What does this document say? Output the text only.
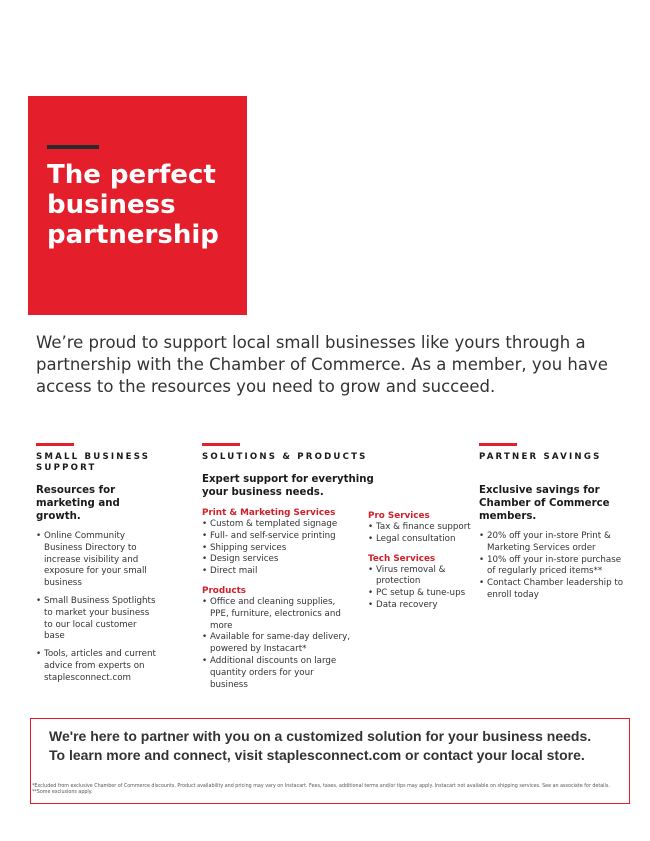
The perfect business partnership
We’re proud to support local small businesses like yours through a partnership with the Chamber of Commerce. As a member, you have access to the resources you need to grow and succeed.
SMALL BUSINESS SUPPORT
Resources for marketing and growth.
• Online Community Business Directory to increase visibility and exposure for your small business
• Small Business Spotlights to market your business to our local customer base
• Tools, articles and current advice from experts on staplesconnect.com
SOLUTIONS & PRODUCTS
Expert support for everything your business needs.
Print & Marketing Services
• Custom & templated signage
• Full- and self-service printing
• Shipping services
• Design services
• Direct mail
Products
• Office and cleaning supplies, PPE, furniture, electronics and more
• Available for same-day delivery, powered by Instacart*
• Additional discounts on large quantity orders for your business
Pro Services
• Tax & finance support
• Legal consultation
Tech Services
• Virus removal & protection
• PC setup & tune-ups
• Data recovery
PARTNER SAVINGS
Exclusive savings for Chamber of Commerce members.
• 20% off your in-store Print & Marketing Services order
• 10% off your in-store purchase of regularly priced items**
• Contact Chamber leadership to enroll today
We're here to partner with you on a customized solution for your business needs. To learn more and connect, visit staplesconnect.com or contact your local store.
*Excluded from exclusive Chamber of Commerce discounts. Product availability and pricing may vary on Instacart. Fees, taxes, additional terms and/or tips may apply. Instacart not available on shipping services. See an associate for details. **Some exclusions apply.
